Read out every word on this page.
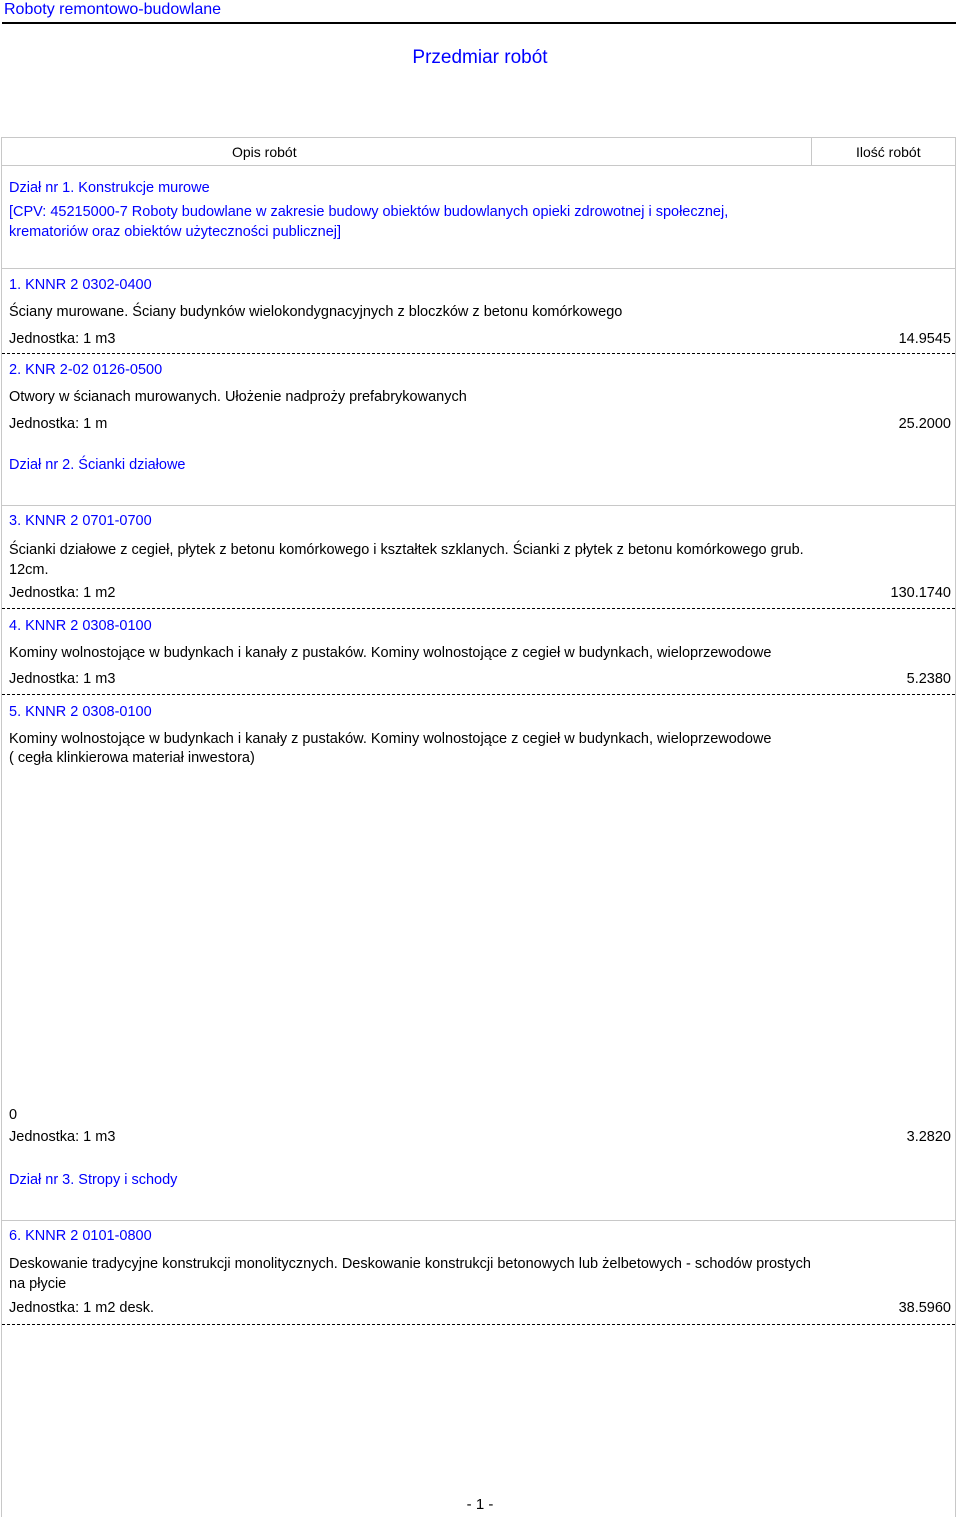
Roboty remontowo-budowlane
Przedmiar robót
Opis robót	Ilość robót
Dział nr 1. Konstrukcje murowe
[CPV: 45215000-7 Roboty budowlane w zakresie budowy obiektów budowlanych opieki zdrowotnej i społecznej, krematoriów oraz obiektów użyteczności publicznej]
1. KNNR 2 0302-0400
Ściany murowane. Ściany budynków wielokondygnacyjnych z bloczków z betonu komórkowego
Jednostka: 1 m3	14.9545
2. KNR 2-02 0126-0500
Otwory w ścianach murowanych. Ułożenie nadproży prefabrykowanych
Jednostka: 1 m	25.2000
Dział nr 2. Ścianki działowe
3. KNNR 2 0701-0700
Ścianki działowe z cegieł, płytek z betonu komórkowego i kształtek szklanych. Ścianki z płytek z betonu komórkowego grub. 12cm.
Jednostka: 1 m2	130.1740
4. KNNR 2 0308-0100
Kominy wolnostojące w budynkach i kanały z pustaków. Kominy wolnostojące z cegieł w budynkach, wieloprzewodowe
Jednostka: 1 m3	5.2380
5. KNNR 2 0308-0100
Kominy wolnostojące w budynkach i kanały z pustaków. Kominy wolnostojące z cegieł w budynkach, wieloprzewodowe
( cegła klinkierowa materiał inwestora)
0
Jednostka: 1 m3	3.2820
Dział nr 3. Stropy i schody
6. KNNR 2 0101-0800
Deskowanie tradycyjne konstrukcji monolitycznych. Deskowanie konstrukcji betonowych lub żelbetowych - schodów prostych na płycie
Jednostka: 1 m2 desk.	38.5960
- 1 -
